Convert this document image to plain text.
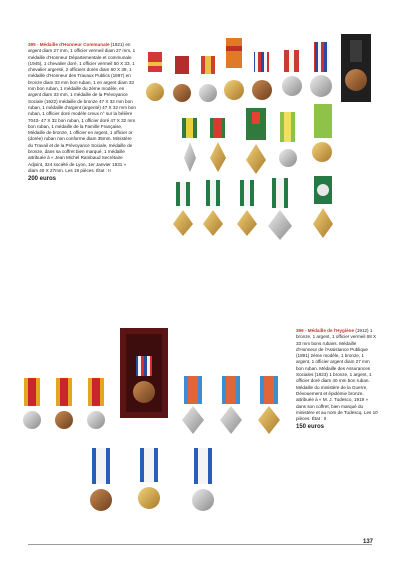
395 - Médaille d'Honneur Communale (1921) en argent diam 27 mm, 1 officier vermeil diam 27 mm, 1 médaille d'Honneur Départementale et communale (1945), 1 chevalier doré, 1 officier vermeil 50 X 33, 1 chevalier argenté, 2 officiers dorés diam 60 X 39, 1 médaille d'Honneur des Travaux Publics (1897) en bronze diam 33 mm bon ruban, 1 en argent diam 33 mm bon ruban, 1 médaille du 2ème modèle, en argent diam 33 mm, 1 médaille de la Prévoyance Sociale (1922) médaille de bronze 47 X 32 mm bon ruban, 1 médaille d'argent (argenté) 47 X 32 mm bon ruban, 1 officier doré modèle creux n° sur la bélière 7043- 47 X 32 bon ruban, 1 officier doré 47 X 32 mm bon ruban, 1 médaille de la Famille Française, Médaille de bronze, 1 officier en argent, 1 officier or (dorée) ruban non conforme diam 35mm. Ministère du Travail et de la Prévoyance Sociale, médaille de bronze, dans sa coffret bien marqué, 1 médaille attribuée à « Jean Michel Rambaud Secrétaire Adjoint, 324 société de Lyon, 1er Janvier 1931 » diam 40 X 27mm. Les 19 pièces. État : II
200 euros
396 - Médaille de l'Hygiène (1912) 1 bronze, 1 argent, 1 officier vermeil 68 X 33 mm bons rubans. Médaille d'Honneur de l'Assistance Publique (1891) 2ème modèle, 1 bronze, 1 argent, 1 officier argent diam 27 mm bon ruban. Médaille des Assurances Sociales (1923) 1 bronze, 1 argent, 1 officier doré diam 40 mm bon ruban. Médaille du ministère de la Guerre, Dévouement et épidémie bronze, attribuée à « M. J. Tudesco, 1919 » dans son coffret, bien marqué du ministère et au nom de Tudescq. Les 10 pièces. État : II
150 euros
137
